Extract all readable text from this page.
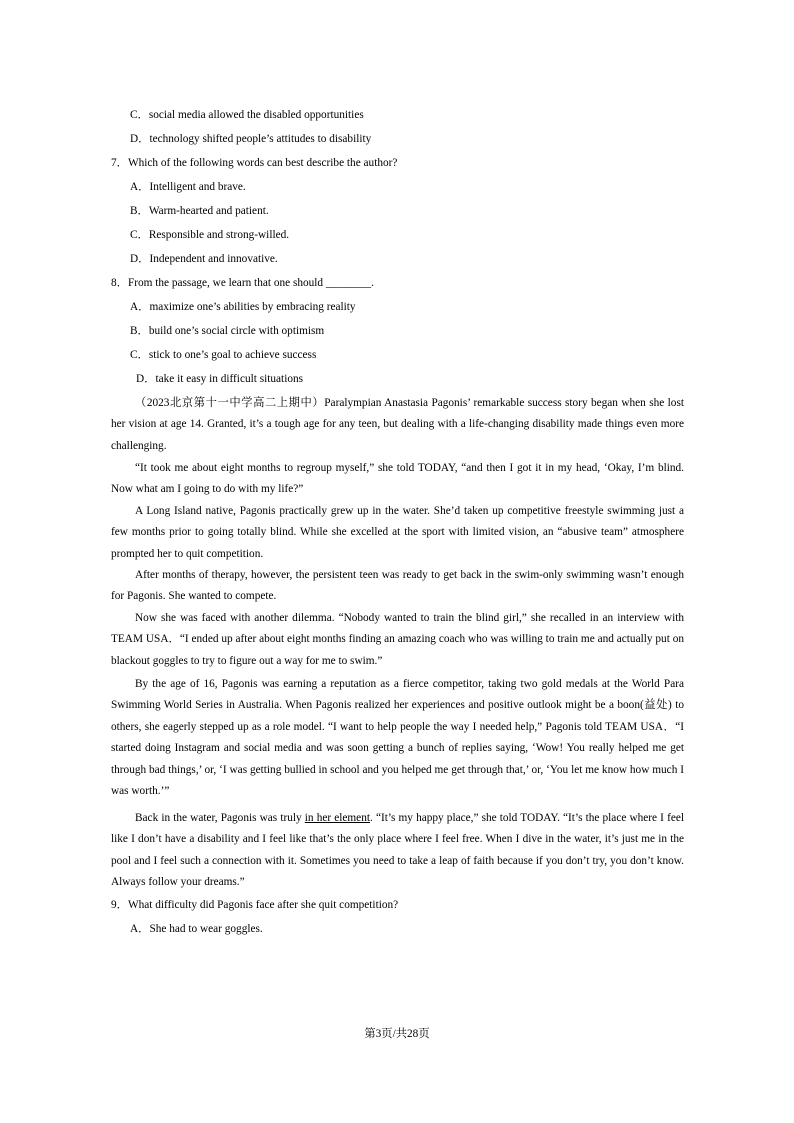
C．social media allowed the disabled opportunities
D．technology shifted people’s attitudes to disability
7．Which of the following words can best describe the author?
A．Intelligent and brave.
B．Warm-hearted and patient.
C．Responsible and strong-willed.
D．Independent and innovative.
8．From the passage, we learn that one should ________.
A．maximize one’s abilities by embracing reality
B．build one’s social circle with optimism
C．stick to one’s goal to achieve success
D．take it easy in difficult situations
（2023北京第十一中学高二上期中）Paralympian Anastasia Pagonis’ remarkable success story began when she lost her vision at age 14. Granted, it’s a tough age for any teen, but dealing with a life-changing disability made things even more challenging.
“It took me about eight months to regroup myself,” she told TODAY, “and then I got it in my head, ‘Okay, I’m blind. Now what am I going to do with my life?”
A Long Island native, Pagonis practically grew up in the water. She’d taken up competitive freestyle swimming just a few months prior to going totally blind. While she excelled at the sport with limited vision, an “abusive team” atmosphere prompted her to quit competition.
After months of therapy, however, the persistent teen was ready to get back in the swim-only swimming wasn’t enough for Pagonis. She wanted to compete.
Now she was faced with another dilemma. “Nobody wanted to train the blind girl,” she recalled in an interview with TEAM USA．“I ended up after about eight months finding an amazing coach who was willing to train me and actually put on blackout goggles to try to figure out a way for me to swim.”
By the age of 16, Pagonis was earning a reputation as a fierce competitor, taking two gold medals at the World Para Swimming World Series in Australia. When Pagonis realized her experiences and positive outlook might be a boon(益处) to others, she eagerly stepped up as a role model. “I want to help people the way I needed help,” Pagonis told TEAM USA．“I started doing Instagram and social media and was soon getting a bunch of replies saying, ‘Wow! You really helped me get through bad things,’ or, ‘I was getting bullied in school and you helped me get through that,’ or, ‘You let me know how much I was worth.’”
Back in the water, Pagonis was truly in her element. “It’s my happy place,” she told TODAY. “It’s the place where I feel like I don’t have a disability and I feel like that’s the only place where I feel free. When I dive in the water, it’s just me in the pool and I feel such a connection with it. Sometimes you need to take a leap of faith because if you don’t try, you don’t know. Always follow your dreams.”
9．What difficulty did Pagonis face after she quit competition?
A．She had to wear goggles.
第3页/共28页
